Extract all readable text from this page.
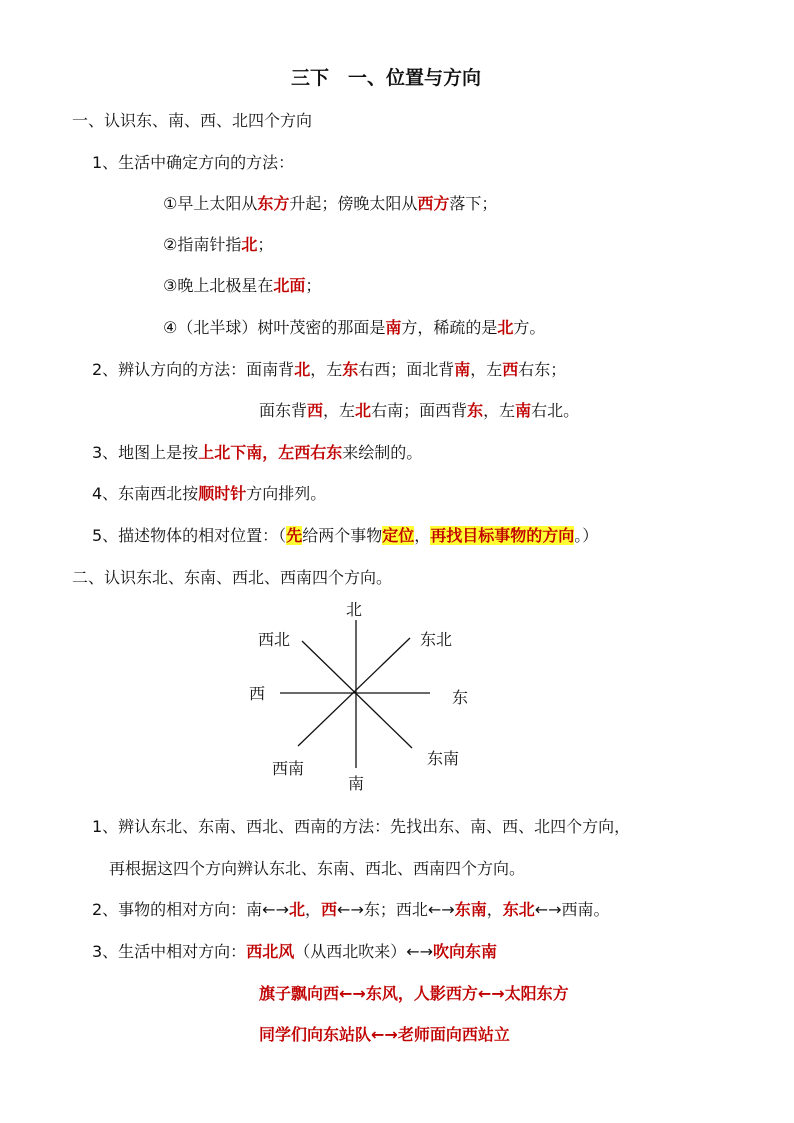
三下　一、位置与方向
一、认识东、南、西、北四个方向
1、生活中确定方向的方法：
①早上太阳从东方升起；傍晚太阳从西方落下；
②指南针指北；
③晚上北极星在北面；
④（北半球）树叶茂密的那面是南方，稀疏的是北方。
2、辨认方向的方法：面南背北，左东右西；面北背南，左西右东；
面东背西，左北右南；面西背东，左南右北。
3、地图上是按上北下南，左西右东来绘制的。
4、东南西北按顺时针方向排列。
5、描述物体的相对位置：（先给两个事物定位，再找目标事物的方向。）
二、认识东北、东南、西北、西南四个方向。
北
西北	东北
西	东
西南
南
东南
1、辨认东北、东南、西北、西南的方法：先找出东、南、西、北四个方向，
再根据这四个方向辨认东北、东南、西北、西南四个方向。
2、事物的相对方向：南←→北，西←→东；西北←→东南，东北←→西南。
3、生活中相对方向：西北风（从西北吹来）←→吹向东南
旗子飘向西←→东风，人影西方←→太阳东方
同学们向东站队←→老师面向西站立
